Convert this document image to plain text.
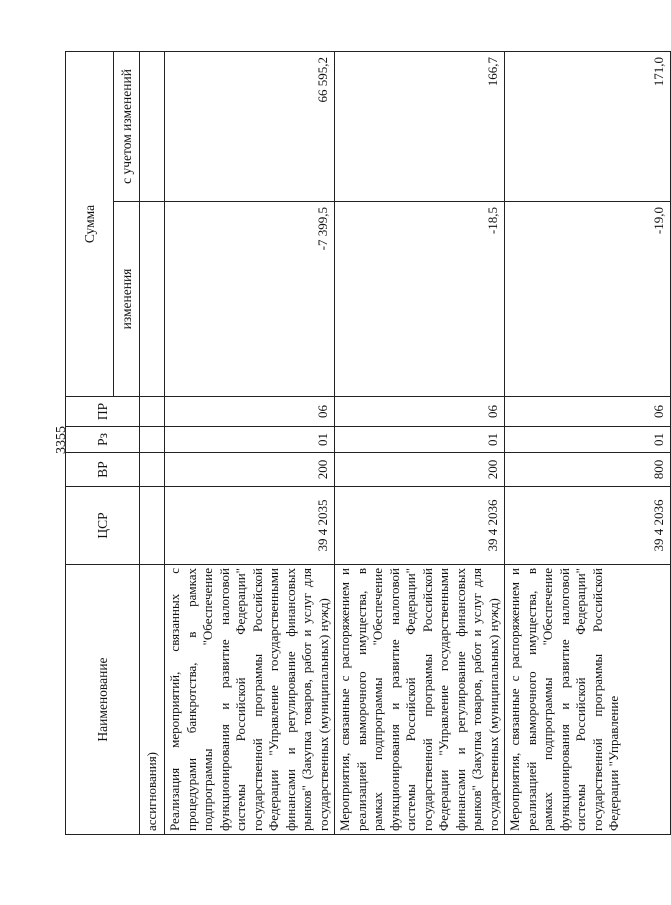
3355
Наименование	ЦСР	ВР	Рз	ПР	Сумма	
					изменения	с учетом изменений
ассигнования)						
Реализация мероприятий, связанных с процедурами банкротства, в рамках подпрограммы "Обеспечение функционирования и развитие налоговой системы Российской Федерации" государственной программы Российской Федерации "Управление государственными финансами и регулирование финансовых рынков" (Закупка товаров, работ и услуг для государственных (муниципальных) нужд)	39 4 2035	200	01	06	-7 399,5	66 595,2
Мероприятия, связанные с распоряжением и реализацией выморочного имущества, в рамках подпрограммы "Обеспечение функционирования и развитие налоговой системы Российской Федерации" государственной программы Российской Федерации "Управление государственными финансами и регулирование финансовых рынков" (Закупка товаров, работ и услуг для государственных (муниципальных) нужд)	39 4 2036	200	01	06	-18,5	166,7
Мероприятия, связанные с распоряжением и реализацией выморочного имущества, в рамках подпрограммы "Обеспечение функционирования и развитие налоговой системы Российской Федерации" государственной программы Российской Федерации "Управление	39 4 2036	800	01	06	-19,0	171,0
